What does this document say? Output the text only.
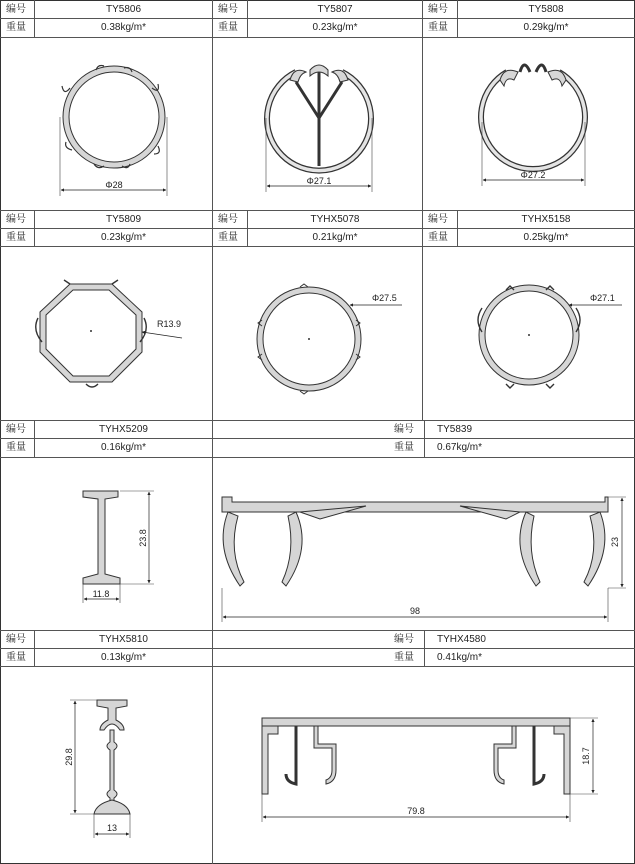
编号	TY5806
重量	0.38kg/m*
编号	TY5807
重量	0.23kg/m*
编号	TY5808
重量	0.29kg/m*
编号	TY5809
重量	0.23kg/m*
编号	TYHX5078
重量	0.21kg/m*
编号	TYHX5158
重量	0.25kg/m*
编号	TYHX5209
重量	0.16kg/m*
编号 TY5839
重量 0.67kg/m*
编号	TYHX5810
重量	0.13kg/m*
编号 TYHX4580
重量 0.41kg/m*
Φ28	Φ27.1
Φ27.2
R13.9
Φ27.5	Φ27.1
23.8
11.8
23
98
29.8
13
18.7
79.8
